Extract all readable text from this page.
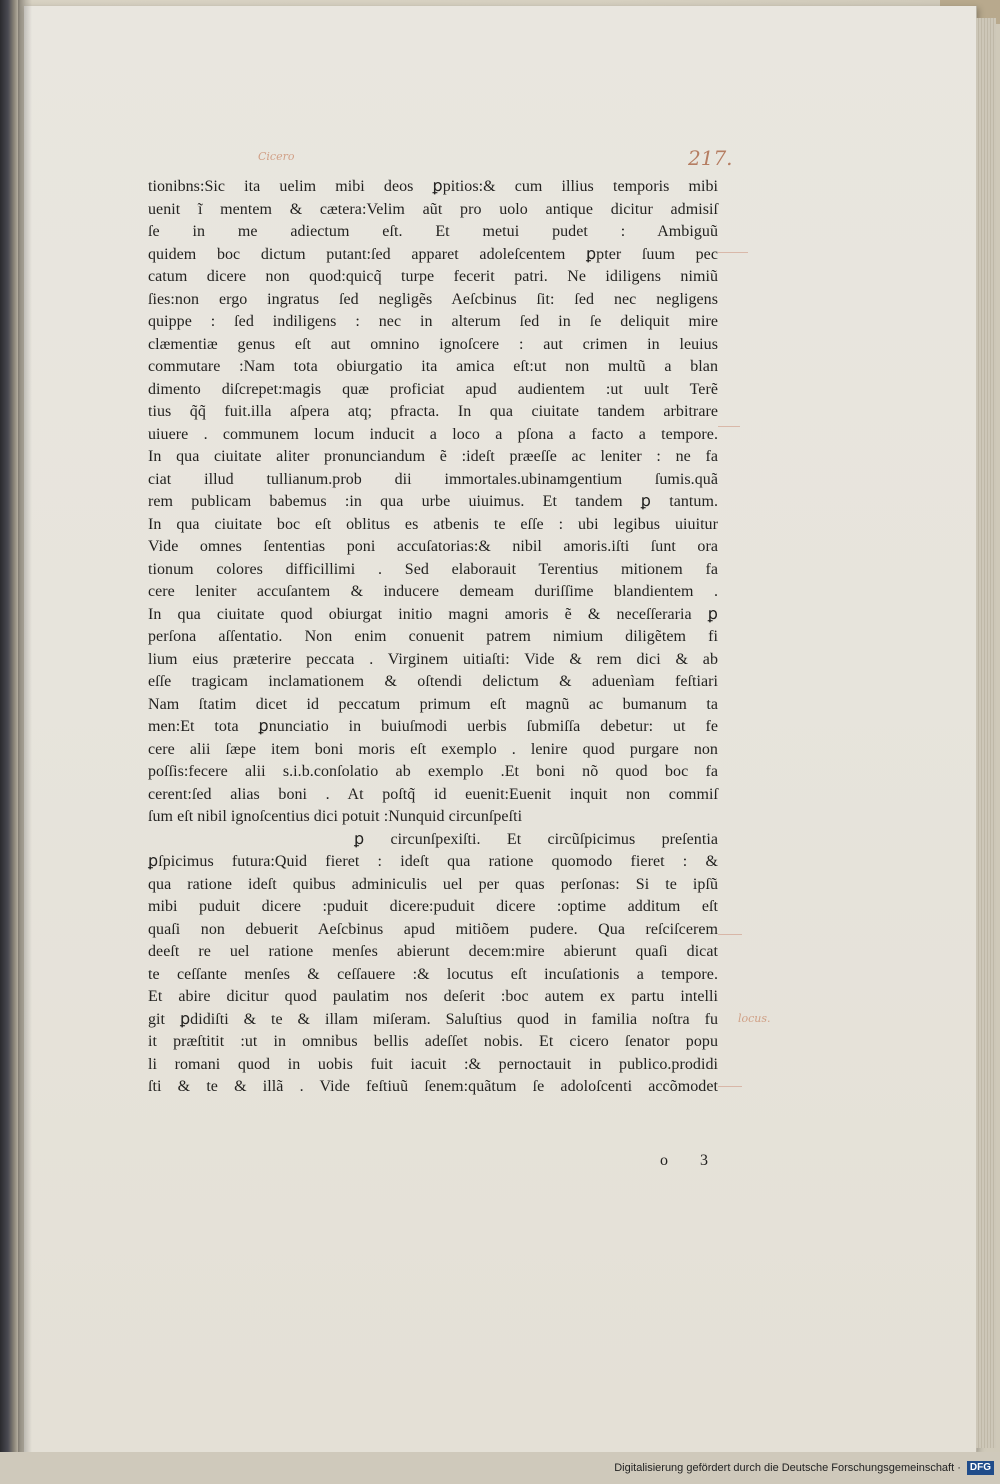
Cicero	217.
locus.
tionibns:Sic ita uelim mibi deos ꝑpitios:& cum illius temporis mibi
uenit ĩ mentem & cætera:Velim aũt pro uolo antique dicitur admisiſ
ſe in me adiectum eſt. Et metui pudet : Ambiguũ
quidem boc dictum putant:ſed apparet adoleſcentem ꝑpter ſuum pec
catum dicere non quod:quicq̃ turpe fecerit patri. Ne idiligens nimiũ
ſies:non ergo ingratus ſed negligẽs Aeſcbinus ſit: ſed nec negligens
quippe : ſed indiligens : nec in alterum ſed in ſe deliquit mire
clæmentiæ genus eſt aut omnino ignoſcere : aut crimen in leuius
commutare :Nam tota obiurgatio ita amica eſt:ut non multũ a blan
dimento diſcrepet:magis quæ proficiat apud audientem :ut uult Terẽ
tius q̃q̃ fuit.illa aſpera atq; pfracta. In qua ciuitate tandem arbitrare
uiuere . communem locum inducit a loco a pſona a facto a tempore.
In qua ciuitate aliter pronunciandum ẽ :ideſt præeſſe ac leniter : ne fa
ciat illud tullianum.prob dii immortales.ubinamgentium ſumis.quã
rem publicam babemus :in qua urbe uiuimus. Et tandem ꝑ tantum.
In qua ciuitate boc eſt oblitus es atbenis te eſſe : ubi legibus uiuitur
Vide omnes ſententias poni accuſatorias:& nibil amoris.iſti ſunt ora
tionum colores difficillimi . Sed elaborauit Terentius mitionem fa
cere leniter accuſantem & inducere demeam duriſſime blandientem .
In qua ciuitate quod obiurgat initio magni amoris ẽ & neceſſeraria ꝑ
perſona aſſentatio. Non enim conuenit patrem nimium diligẽtem fi
lium eius præterire peccata . Virginem uitiaſti: Vide & rem dici & ab
eſſe tragicam inclamationem & oſtendi delictum & aduenìam feſtiari
Nam ſtatim dicet id peccatum primum eſt magnũ ac bumanum ta
men:Et tota ꝑnunciatio in buiuſmodi uerbis ſubmiſſa debetur: ut fe
cere alii ſæpe item boni moris eſt exemplo . lenire quod purgare non
poſſis:fecere alii s.i.b.conſolatio ab exemplo .Et boni nõ quod boc fa
cerent:ſed alias boni . At poſtq̃ id euenit:Euenit inquit non commiſ
ſum eſt nibil ignoſcentius dici potuit :Nunquid circunſpeſti
ꝑ circunſpexiſti. Et circũſpicimus preſentia
ꝑſpicimus futura:Quid fieret : ideſt qua ratione quomodo fieret : &
qua ratione ideſt quibus adminiculis uel per quas perſonas: Si te ipſũ
mibi puduit dicere :puduit dicere:puduit dicere :optime additum eſt
quaſi non debuerit Aeſcbinus apud mitiõem pudere. Qua reſciſcerem
deeſt re uel ratione menſes abierunt decem:mire abierunt quaſi dicat
te ceſſante menſes & ceſſauere :& locutus eſt incuſationis a tempore.
Et abire dicitur quod paulatim nos deſerit :boc autem ex partu intelli
git ꝑdidiſti & te & illam miſeram. Saluſtius quod in familia noſtra fu
it præſtitit :ut in omnibus bellis adeſſet nobis. Et cicero ſenator popu
li romani quod in uobis fuit iacuit :& pernoctauit in publico.prodidi
ſti & te & illã . Vide feſtiuũ ſenem:quãtum ſe adoloſcenti accõmodet
o 3
Digitalisierung gefördert durch die Deutsche Forschungsgemeinschaft · DFG
